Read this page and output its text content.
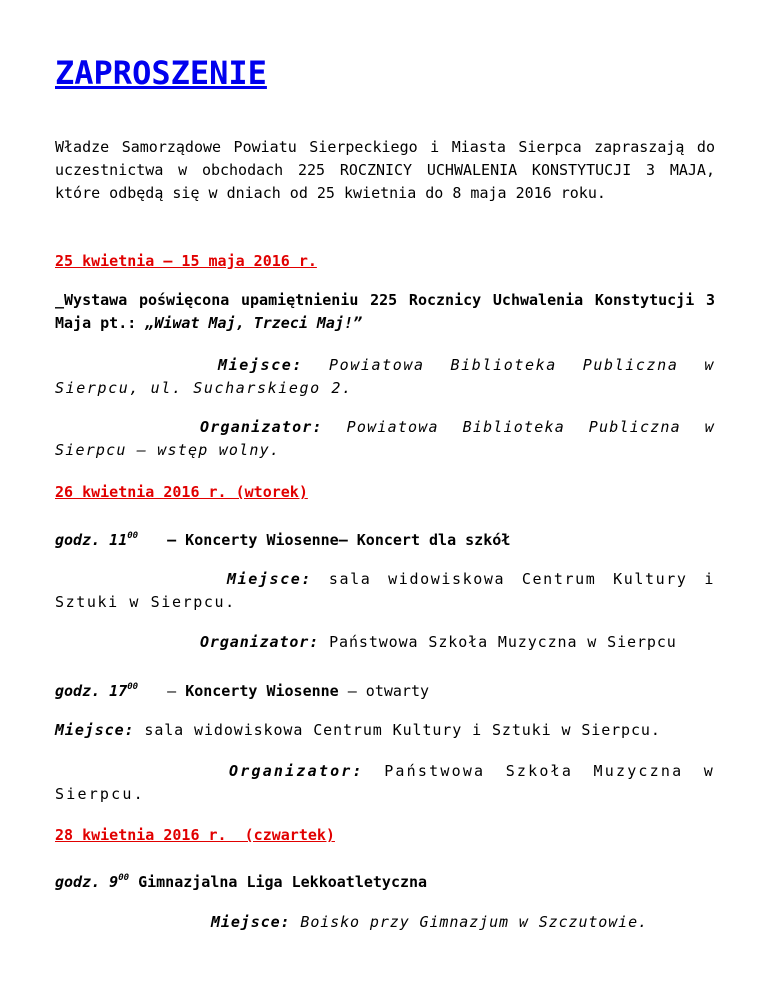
ZAPROSZENIE
Władze Samorządowe Powiatu Sierpeckiego i Miasta Sierpca zapraszają do uczestnictwa w obchodach 225 ROCZNICY UCHWALENIA KONSTYTUCJI 3 MAJA, które odbędą się w dniach od 25 kwietnia do 8 maja 2016 roku.
25 kwietnia – 15 maja 2016 r.
_Wystawa poświęcona upamiętnieniu 225 Rocznicy Uchwalenia Konstytucji 3 Maja pt.: „Wiwat Maj, Trzeci Maj!”
Miejsce: Powiatowa Biblioteka Publiczna w Sierpcu, ul. Sucharskiego 2.
Organizator: Powiatowa Biblioteka Publiczna w Sierpcu – wstęp wolny.
26 kwietnia 2016 r. (wtorek)
godz. $11^{00}$ – Koncerty Wiosenne– Koncert dla szkół
Miejsce: sala widowiskowa Centrum Kultury i Sztuki w Sierpcu.
Organizator: Państwowa Szkoła Muzyczna w Sierpcu
godz. $17^{00}$ – Koncerty Wiosenne – otwarty
Miejsce: sala widowiskowa Centrum Kultury i Sztuki w Sierpcu.
Organizator: Państwowa Szkoła Muzyczna w Sierpcu.
28 kwietnia 2016 r.  (czwartek)
godz. $9^{00}$ Gimnazjalna Liga Lekkoatletyczna
Miejsce: Boisko przy Gimnazjum w Szczutowie.
